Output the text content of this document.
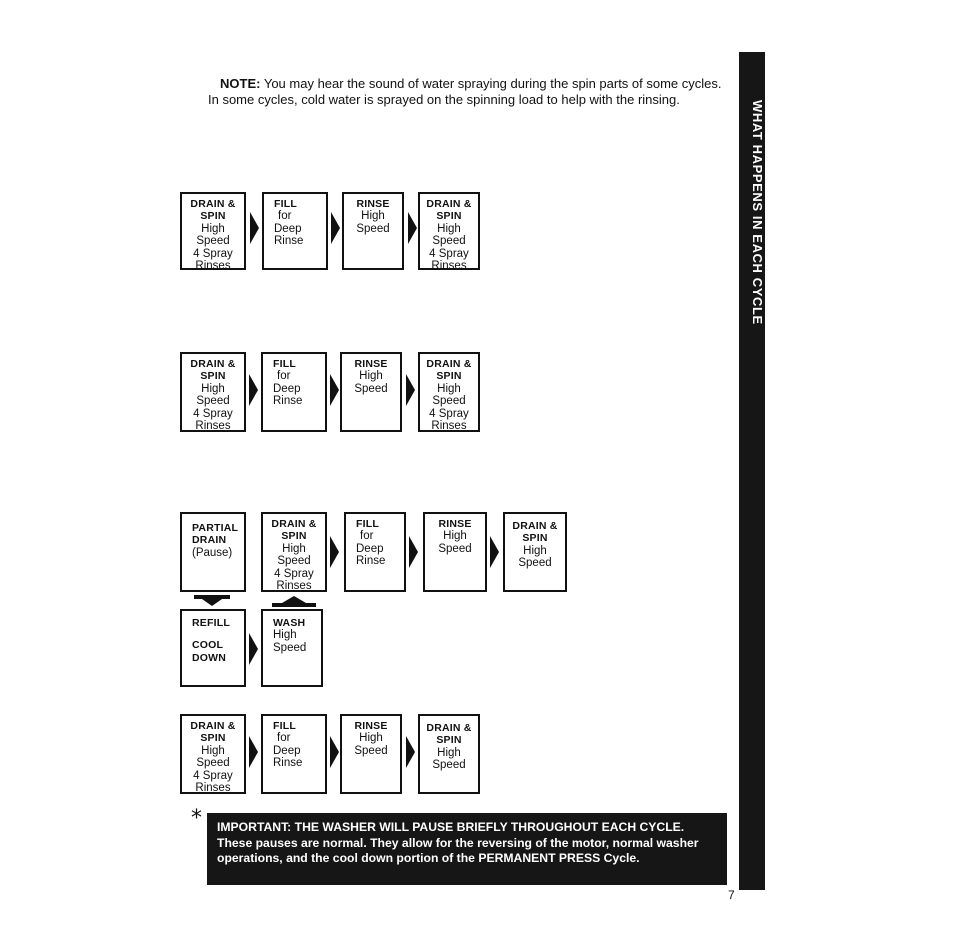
NOTE: You may hear the sound of water spraying during the spin parts of some cycles. In some cycles, cold water is sprayed on the spinning load to help with the rinsing.
WHAT HAPPENS IN EACH CYCLE
DRAIN &
SPIN
High
Speed
4 Spray
Rinses
FILL
for
Deep
Rinse
RINSE
High
Speed
DRAIN &
SPIN
High
Speed
4 Spray
Rinses
DRAIN &
SPIN
High
Speed
4 Spray
Rinses
FILL
for
Deep
Rinse
RINSE
High
Speed
DRAIN &
SPIN
High
Speed
4 Spray
Rinses
PARTIAL
DRAIN
(Pause)
DRAIN &
SPIN
High
Speed
4 Spray
Rinses
FILL
for
Deep
Rinse
RINSE
High
Speed
DRAIN &
SPIN
High
Speed
REFILL
COOL
DOWN
WASH
High
Speed
DRAIN &
SPIN
High
Speed
4 Spray
Rinses
FILL
for
Deep
Rinse
RINSE
High
Speed
DRAIN &
SPIN
High
Speed
*	IMPORTANT: THE WASHER WILL PAUSE BRIEFLY THROUGHOUT EACH CYCLE. These pauses are normal. They allow for the reversing of the motor, normal washer operations, and the cool down portion of the PERMANENT PRESS Cycle.
7
